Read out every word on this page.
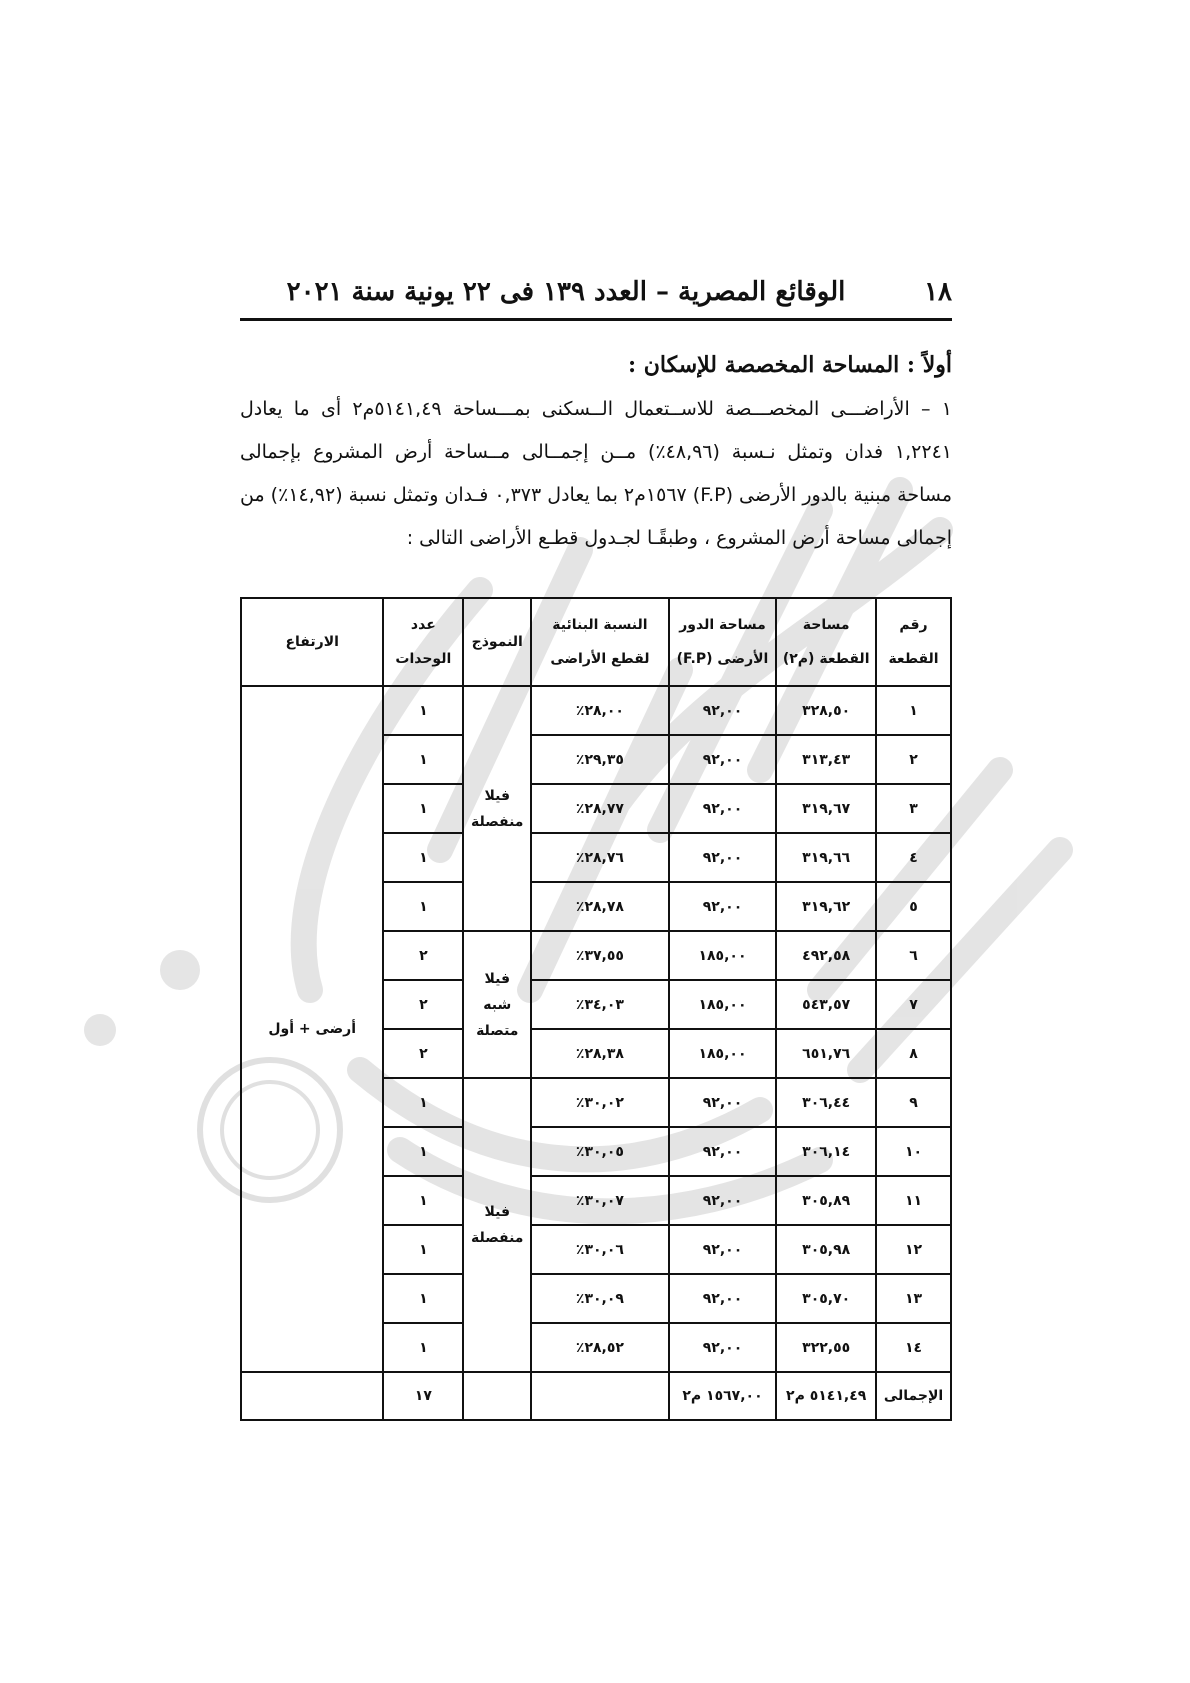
١٨
الوقائع المصرية – العدد ١٣٩ فى ٢٢ يونية سنة ٢٠٢١
أولاً : المساحة المخصصة للإسكان :
١ – الأراضـــى المخصـــصة للاســتعمال الــسكنى بمـــساحة ٥١٤١,٤٩م٢ أى ما يعادل ١,٢٢٤١ فدان وتمثل نـسبة (٤٨,٩٦٪) مــن إجمــالى مــساحة أرض المشروع بإجمالى مساحة مبنية بالدور الأرضى (F.P) ١٥٦٧م٢ بما يعادل ٠,٣٧٣ فـدان وتمثل نسبة (١٤,٩٢٪) من إجمالى مساحة أرض المشروع ، وطبقًـا لجـدول قطـع الأراضى التالى :
رقم القطعة	مساحة القطعة (م٢)	مساحة الدور الأرضى (F.P)	النسبة البنائية لقطع الأراضى	النموذج	عدد الوحدات	الارتفاع
١	٣٢٨,٥٠	٩٢,٠٠	٢٨,٠٠٪	فيلا منفصلة	١	أرضى + أول
٢	٣١٣,٤٣	٩٢,٠٠	٢٩,٣٥٪		١	
٣	٣١٩,٦٧	٩٢,٠٠	٢٨,٧٧٪		١	
٤	٣١٩,٦٦	٩٢,٠٠	٢٨,٧٦٪		١	
٥	٣١٩,٦٢	٩٢,٠٠	٢٨,٧٨٪		١	
٦	٤٩٢,٥٨	١٨٥,٠٠	٣٧,٥٥٪	فيلا شبه متصلة	٢	
٧	٥٤٣,٥٧	١٨٥,٠٠	٣٤,٠٣٪		٢	
٨	٦٥١,٧٦	١٨٥,٠٠	٢٨,٣٨٪		٢	
٩	٣٠٦,٤٤	٩٢,٠٠	٣٠,٠٢٪	فيلا منفصلة	١	
١٠	٣٠٦,١٤	٩٢,٠٠	٣٠,٠٥٪		١	
١١	٣٠٥,٨٩	٩٢,٠٠	٣٠,٠٧٪		١	
١٢	٣٠٥,٩٨	٩٢,٠٠	٣٠,٠٦٪		١	
١٣	٣٠٥,٧٠	٩٢,٠٠	٣٠,٠٩٪		١	
١٤	٣٢٢,٥٥	٩٢,٠٠	٢٨,٥٢٪		١	
الإجمالى	٥١٤١,٤٩ م٢	١٥٦٧,٠٠ م٢			١٧	
